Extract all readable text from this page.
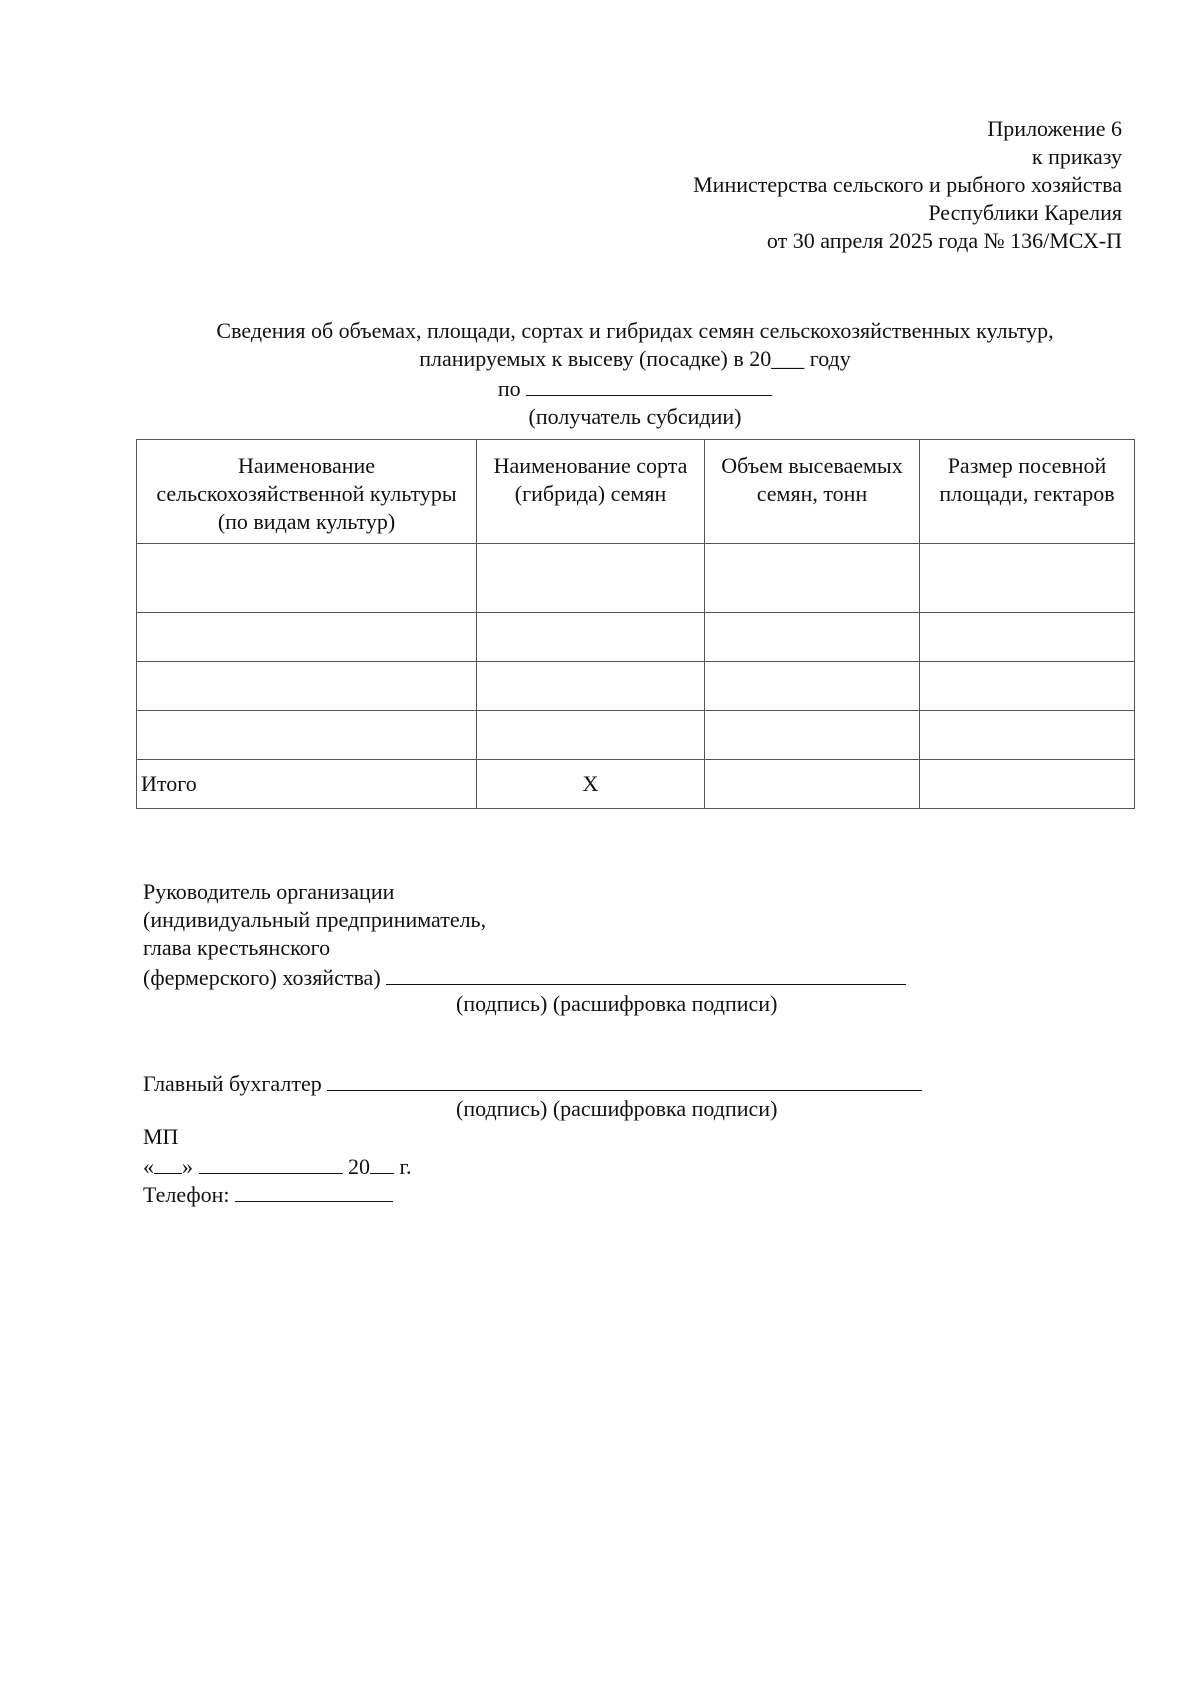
Приложение 6
к приказу
Министерства сельского и рыбного хозяйства
Республики Карелия
от 30 апреля 2025 года № 136/МСХ-П
Сведения об объемах, площади, сортах и гибридах семян сельскохозяйственных культур,
планируемых к высеву (посадке) в 20___ году
по
(получатель субсидии)
Наименование сельскохозяйственной культуры (по видам культур)	Наименование сорта (гибрида) семян	Объем высеваемых семян, тонн	Размер посевной площади, гектаров

Итого	X		
Руководитель организации
(индивидуальный предприниматель,
глава крестьянского
(фермерского) хозяйства)
(подпись) (расшифровка подписи)
Главный бухгалтер
(подпись) (расшифровка подписи)
МП
« »	20 г.
Телефон:
